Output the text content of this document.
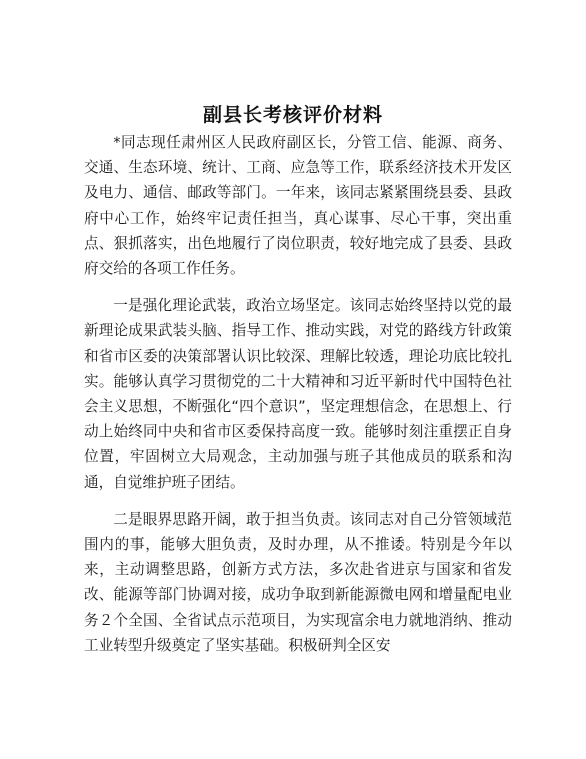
副县长考核评价材料

*同志现任肃州区人民政府副区长，分管工信、能源、商务、交通、生态环境、统计、工商、应急等工作，联系经济技术开发区及电力、通信、邮政等部门。一年来，该同志紧紧围绕县委、县政府中心工作，始终牢记责任担当，真心谋事、尽心干事，突出重点、狠抓落实，出色地履行了岗位职责，较好地完成了县委、县政府交给的各项工作任务。

一是强化理论武装，政治立场坚定。该同志始终坚持以党的最新理论成果武装头脑、指导工作、推动实践，对党的路线方针政策和省市区委的决策部署认识比较深、理解比较透，理论功底比较扎实。能够认真学习贯彻党的二十大精神和习近平新时代中国特色社会主义思想，不断强化“四个意识”，坚定理想信念，在思想上、行动上始终同中央和省市区委保持高度一致。能够时刻注重摆正自身位置，牢固树立大局观念，主动加强与班子其他成员的联系和沟通，自觉维护班子团结。

二是眼界思路开阔，敢于担当负责。该同志对自己分管领域范围内的事，能够大胆负责，及时办理，从不推诿。特别是今年以来，主动调整思路，创新方式方法，多次赴省进京与国家和省发改、能源等部门协调对接，成功争取到新能源微电网和增量配电业务２个全国、全省试点示范项目，为实现富余电力就地消纳、推动工业转型升级奠定了坚实基础。积极研判全区安
